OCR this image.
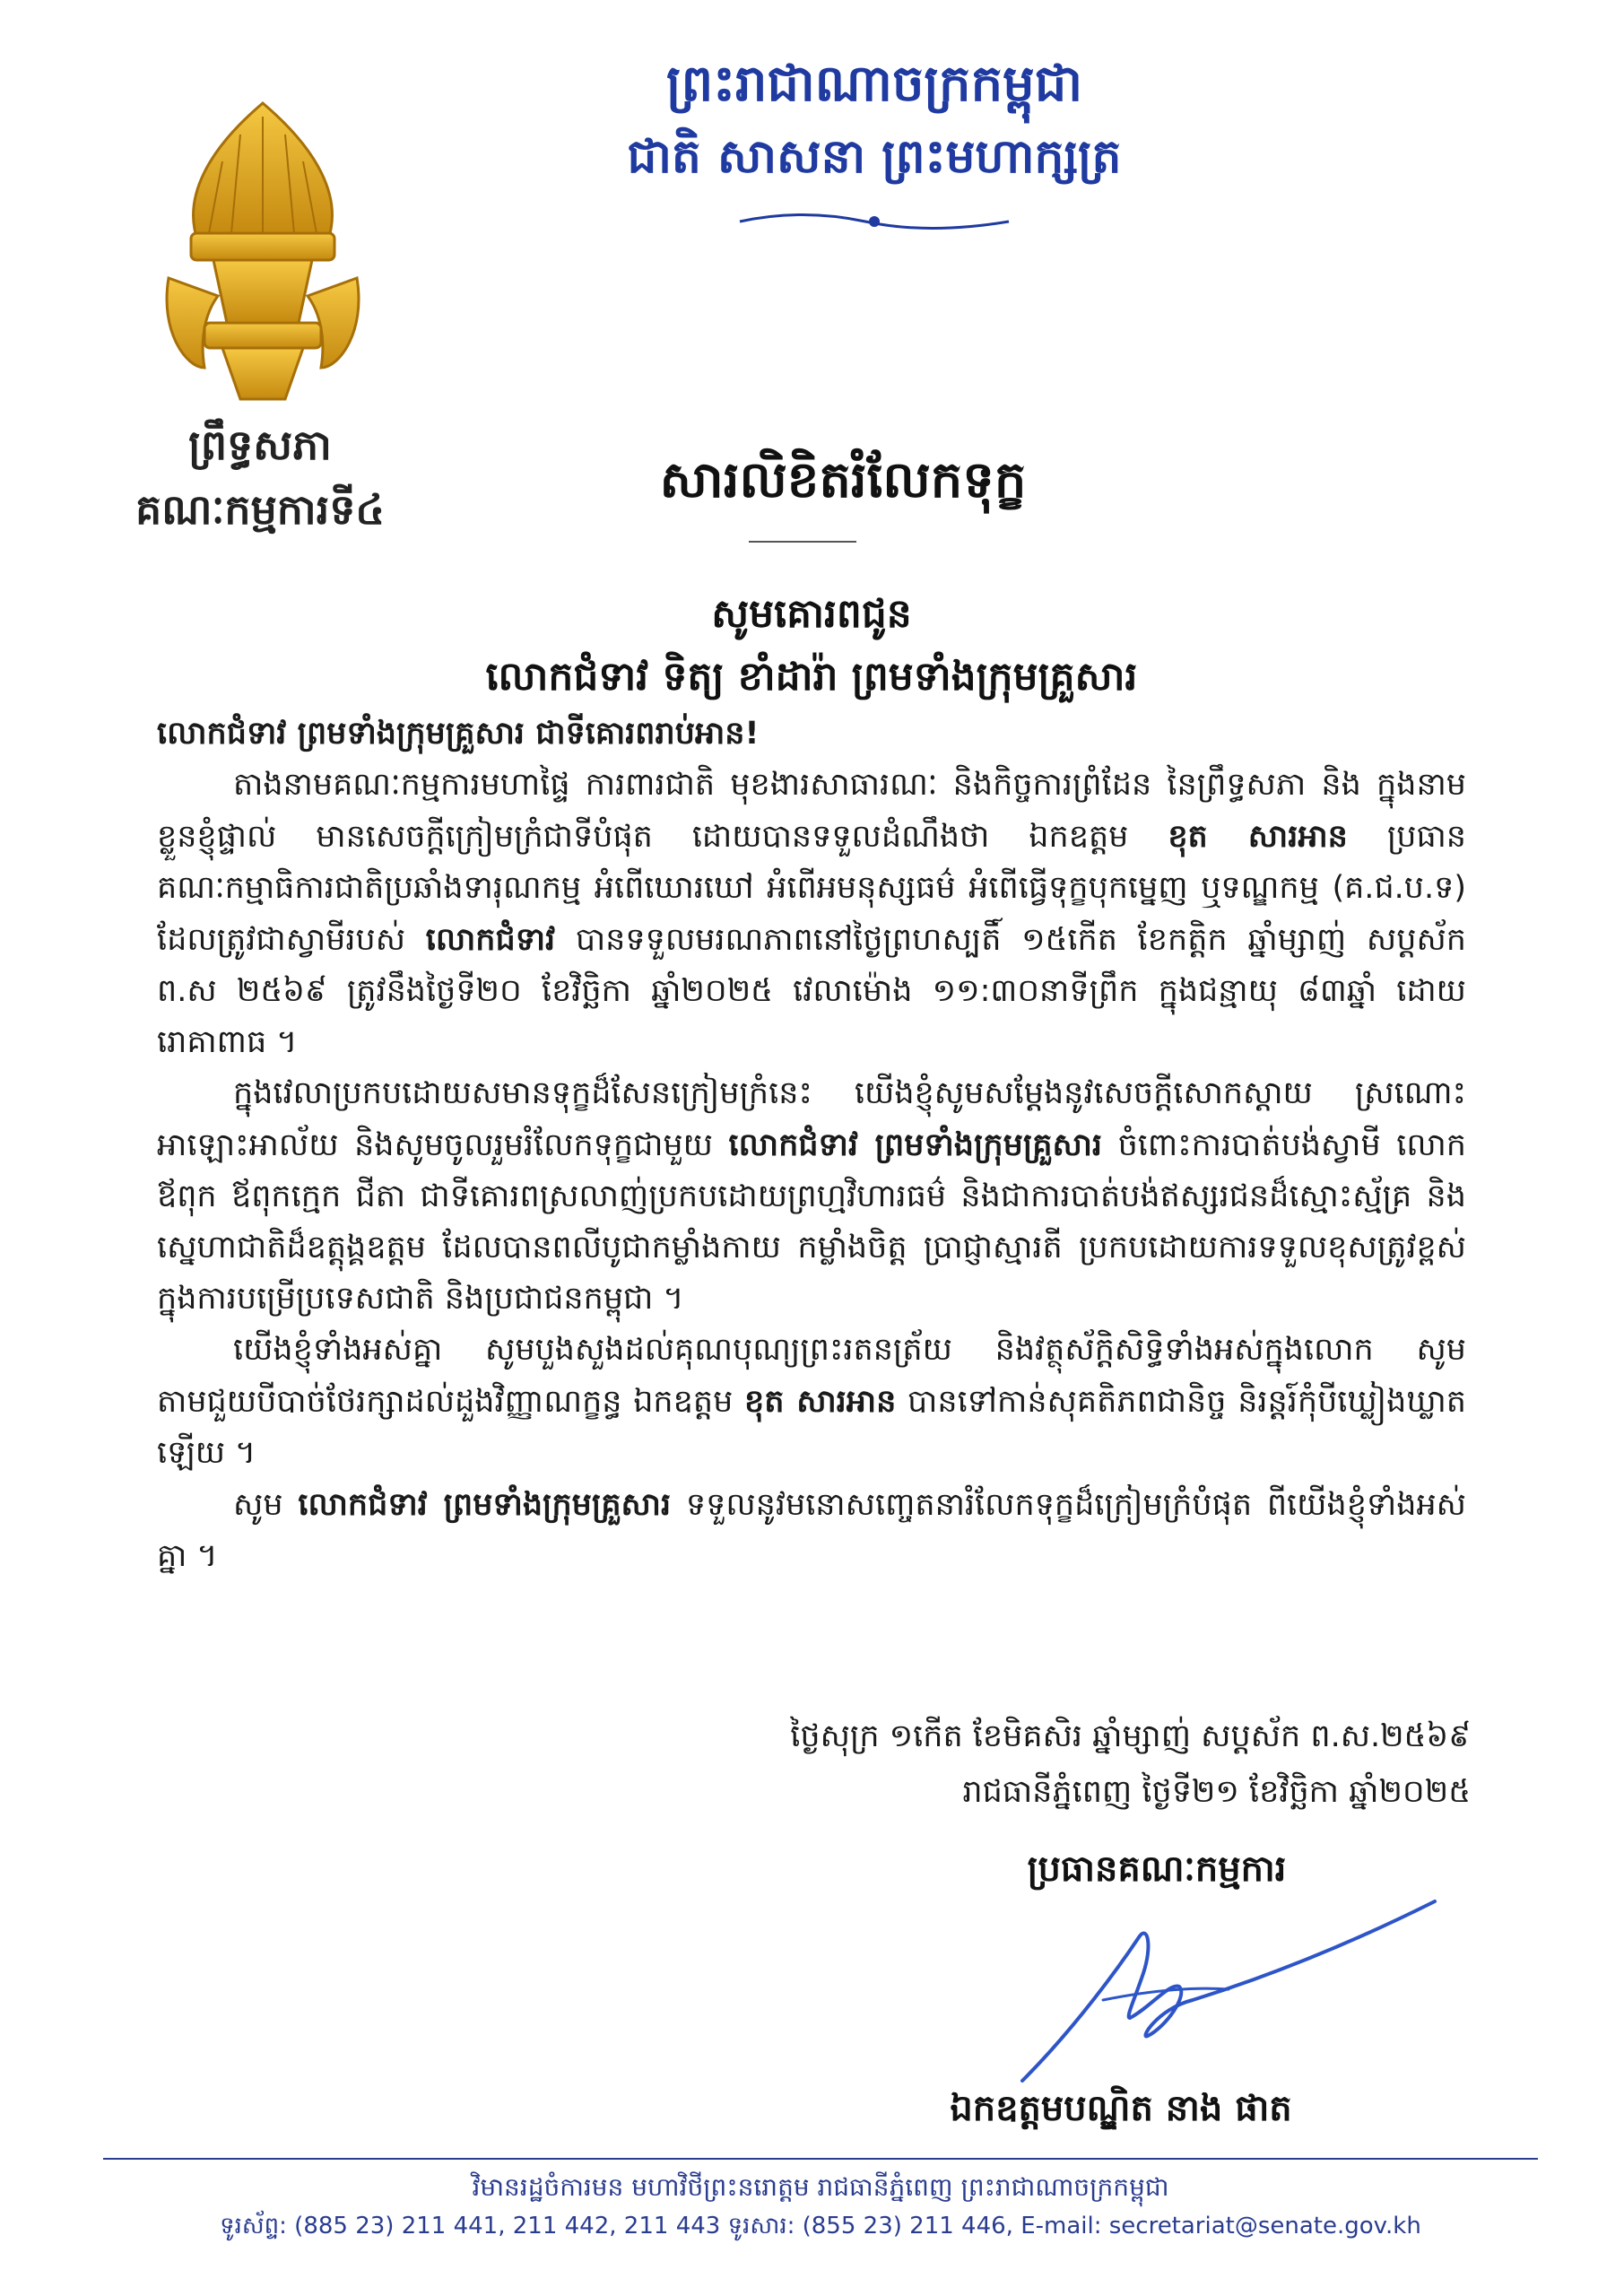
ព្រះរាជាណាចក្រកម្ពុជា
ជាតិ សាសនា ព្រះមហាក្សត្រ
ព្រឹទ្ធសភា
គណៈកម្មការទី៤	សារលិខិតរំលែកទុក្ខ
សូមគោរពជូន
លោកជំទាវ ទិត្យ ខាំដារ៉ា ព្រមទាំងក្រុមគ្រួសារ

លោកជំទាវ ព្រមទាំងក្រុមគ្រួសារ ជាទីគោរពរាប់អាន!

តាងនាមគណៈកម្មការមហាផ្ទៃ ការពារជាតិ មុខងារសាធារណៈ និងកិច្ចការព្រំដែន នៃព្រឹទ្ធសភា និង ក្នុងនាមខ្លួនខ្ញុំផ្ទាល់ មានសេចក្តីក្រៀមក្រំជាទីបំផុត ដោយបានទទួលដំណឹងថា ឯកឧត្តម ខុត សារអាន ប្រធានគណៈកម្មាធិការជាតិប្រឆាំងទារុណកម្ម អំពើឃោរឃៅ អំពើអមនុស្សធម៌ អំពើធ្វើទុក្ខបុកម្នេញ ឬទណ្ឌកម្ម (គ.ជ.ប.ទ) ដែលត្រូវជាស្វាមីរបស់ លោកជំទាវ បានទទួលមរណភាពនៅថ្ងៃព្រហស្បតិ៍ ១៥កើត ខែកត្តិក ឆ្នាំម្សាញ់ សប្តស័ក ព.ស ២៥៦៩ ត្រូវនឹងថ្ងៃទី២០ ខែវិច្ឆិកា ឆ្នាំ២០២៥ វេលាម៉ោង ១១:៣០នាទីព្រឹក ក្នុងជន្មាយុ ៨៣ឆ្នាំ ដោយរោគាពាធ ។

ក្នុងវេលាប្រកបដោយសមានទុក្ខដ៏សែនក្រៀមក្រំនេះ យើងខ្ញុំសូមសម្តែងនូវសេចក្តីសោកស្តាយ ស្រណោះអាឡោះអាល័យ និងសូមចូលរួមរំលែកទុក្ខជាមួយ លោកជំទាវ ព្រមទាំងក្រុមគ្រួសារ ចំពោះការបាត់បង់ស្វាមី លោកឪពុក ឪពុកក្មេក ជីតា ជាទីគោរពស្រលាញ់ប្រកបដោយព្រហ្មវិហារធម៌ និងជាការបាត់បង់ឥស្សរជនដ៏ស្មោះស្ម័គ្រ និងស្នេហាជាតិដ៏ឧត្តុង្គឧត្តម ដែលបានពលីបូជាកម្លាំងកាយ កម្លាំងចិត្ត ប្រាជ្ញាស្មារតី ប្រកបដោយការទទួលខុសត្រូវខ្ពស់ក្នុងការបម្រើប្រទេសជាតិ និងប្រជាជនកម្ពុជា ។

យើងខ្ញុំទាំងអស់គ្នា សូមបួងសួងដល់គុណបុណ្យព្រះរតនត្រ័យ និងវត្ថុស័ក្តិសិទ្ធិទាំងអស់ក្នុងលោក សូមតាមជួយបីបាច់ថែរក្សាដល់ដួងវិញ្ញាណក្ខន្ធ ឯកឧត្តម ខុត សារអាន បានទៅកាន់សុគតិភពជានិច្ច និរន្តរ៍កុំបីឃ្លៀងឃ្លាតឡើយ ។

សូម លោកជំទាវ ព្រមទាំងក្រុមគ្រួសារ ទទួលនូវមនោសញ្ចេតនារំលែកទុក្ខដ៏ក្រៀមក្រំបំផុត ពីយើងខ្ញុំទាំងអស់គ្នា ។

ថ្ងៃសុក្រ ១កើត ខែមិគសិរ ឆ្នាំម្សាញ់ សប្តស័ក ព.ស.២៥៦៩
រាជធានីភ្នំពេញ ថ្ងៃទី២១ ខែវិច្ឆិកា ឆ្នាំ២០២៥
ប្រធានគណៈកម្មការ
ឯកឧត្តមបណ្ឌិត នាង ផាត
វិមានរដ្ឋចំការមន មហាវិថីព្រះនរោត្តម រាជធានីភ្នំពេញ ព្រះរាជាណាចក្រកម្ពុជា
ទូរស័ព្ទ: (885 23) 211 441, 211 442, 211 443 ទូរសារ: (855 23) 211 446, E-mail: secretariat@senate.gov.kh
